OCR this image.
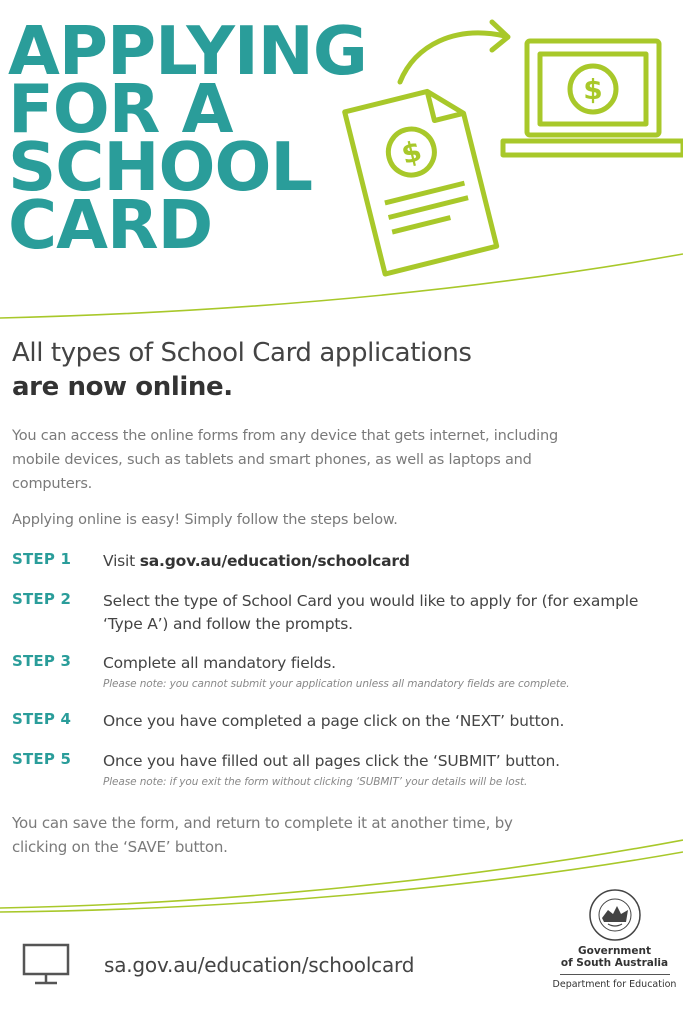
APPLYING
FOR A
SCHOOL
CARD
$
$
All types of School Card applications
are now online.

You can access the online forms from any device that gets internet, including mobile devices, such as tablets and smart phones, as well as laptops and computers.

Applying online is easy! Simply follow the steps below.

STEP 1 Visit sa.gov.au/education/schoolcard
STEP 2 Select the type of School Card you would like to apply for (for example ‘Type A’) and follow the prompts.
STEP 3 Complete all mandatory fields.
Please note: you cannot submit your application unless all mandatory fields are complete.
STEP 4 Once you have completed a page click on the ‘NEXT’ button.
STEP 5 Once you have filled out all pages click the ‘SUBMIT’ button.
Please note: if you exit the form without clicking ‘SUBMIT’ your details will be lost.

You can save the form, and return to complete it at another time, by clicking on the ‘SAVE’ button.

sa.gov.au/education/schoolcard
Government
of South Australia
Department for Education
